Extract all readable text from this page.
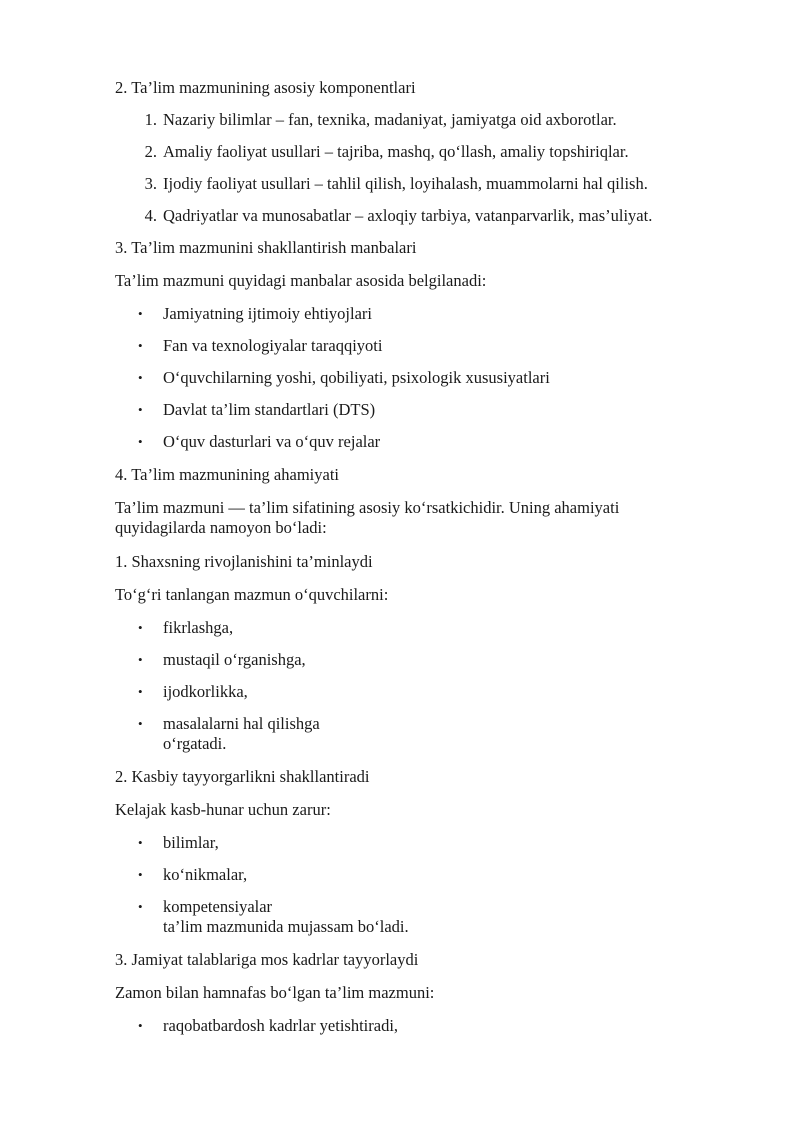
2. Ta’lim mazmunining asosiy komponentlari
1. Nazariy bilimlar – fan, texnika, madaniyat, jamiyatga oid axborotlar.
2. Amaliy faoliyat usullari – tajriba, mashq, qo‘llash, amaliy topshiriqlar.
3. Ijodiy faoliyat usullari – tahlil qilish, loyihalash, muammolarni hal qilish.
4. Qadriyatlar va munosabatlar – axloqiy tarbiya, vatanparvarlik, mas’uliyat.
3. Ta’lim mazmunini shakllantirish manbalari
Ta’lim mazmuni quyidagi manbalar asosida belgilanadi:
• Jamiyatning ijtimoiy ehtiyojlari
• Fan va texnologiyalar taraqqiyoti
• O‘quvchilarning yoshi, qobiliyati, psixologik xususiyatlari
• Davlat ta’lim standartlari (DTS)
• O‘quv dasturlari va o‘quv rejalar
4. Ta’lim mazmunining ahamiyati
Ta’lim mazmuni — ta’lim sifatining asosiy ko‘rsatkichidir. Uning ahamiyati quyidagilarda namoyon bo‘ladi:
1. Shaxsning rivojlanishini ta’minlaydi
To‘g‘ri tanlangan mazmun o‘quvchilarni:
• fikrlashga,
• mustaqil o‘rganishga,
• ijodkorlikka,
• masalalarni hal qilishga
o‘rgatadi.
2. Kasbiy tayyorgarlikni shakllantiradi
Kelajak kasb-hunar uchun zarur:
• bilimlar,
• ko‘nikmalar,
• kompetensiyalar
ta’lim mazmunida mujassam bo‘ladi.
3. Jamiyat talablariga mos kadrlar tayyorlaydi
Zamon bilan hamnafas bo‘lgan ta’lim mazmuni:
• raqobatbardosh kadrlar yetishtiradi,
